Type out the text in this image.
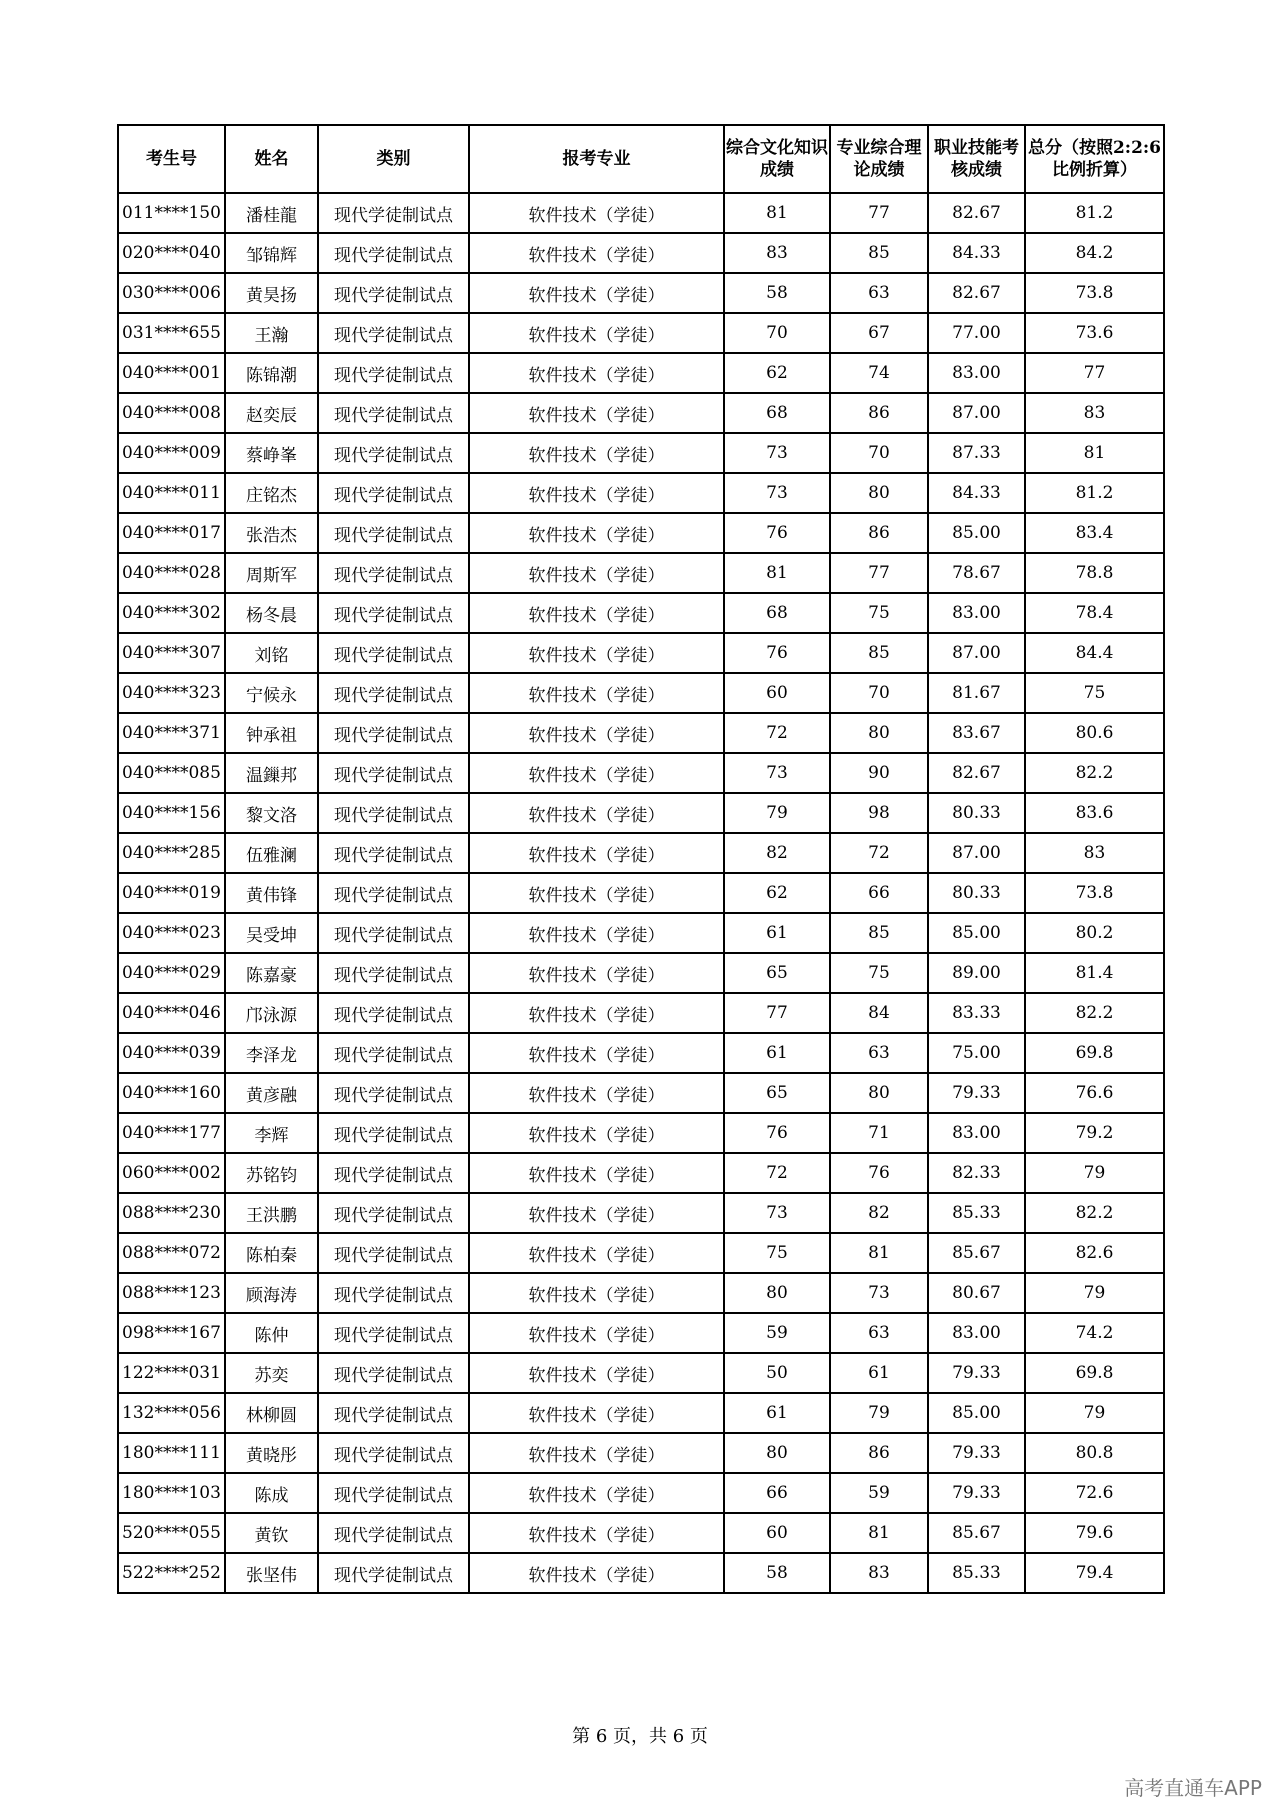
考生号	姓名	类别	报考专业	综合文化知识成绩	专业综合理论成绩	职业技能考核成绩	总分（按照2:2:6比例折算）
011****150	潘桂龍	现代学徒制试点	软件技术（学徒）	81	77	82.67	81.2
020****040	邹锦辉	现代学徒制试点	软件技术（学徒）	83	85	84.33	84.2
030****006	黄昊扬	现代学徒制试点	软件技术（学徒）	58	63	82.67	73.8
031****655	王瀚	现代学徒制试点	软件技术（学徒）	70	67	77.00	73.6
040****001	陈锦潮	现代学徒制试点	软件技术（学徒）	62	74	83.00	77
040****008	赵奕辰	现代学徒制试点	软件技术（学徒）	68	86	87.00	83
040****009	蔡峥峯	现代学徒制试点	软件技术（学徒）	73	70	87.33	81
040****011	庄铭杰	现代学徒制试点	软件技术（学徒）	73	80	84.33	81.2
040****017	张浩杰	现代学徒制试点	软件技术（学徒）	76	86	85.00	83.4
040****028	周斯军	现代学徒制试点	软件技术（学徒）	81	77	78.67	78.8
040****302	杨冬晨	现代学徒制试点	软件技术（学徒）	68	75	83.00	78.4
040****307	刘铭	现代学徒制试点	软件技术（学徒）	76	85	87.00	84.4
040****323	宁候永	现代学徒制试点	软件技术（学徒）	60	70	81.67	75
040****371	钟承祖	现代学徒制试点	软件技术（学徒）	72	80	83.67	80.6
040****085	温鏁邦	现代学徒制试点	软件技术（学徒）	73	90	82.67	82.2
040****156	黎文洛	现代学徒制试点	软件技术（学徒）	79	98	80.33	83.6
040****285	伍雅澜	现代学徒制试点	软件技术（学徒）	82	72	87.00	83
040****019	黄伟锋	现代学徒制试点	软件技术（学徒）	62	66	80.33	73.8
040****023	吴受坤	现代学徒制试点	软件技术（学徒）	61	85	85.00	80.2
040****029	陈嘉豪	现代学徒制试点	软件技术（学徒）	65	75	89.00	81.4
040****046	邝泳源	现代学徒制试点	软件技术（学徒）	77	84	83.33	82.2
040****039	李泽龙	现代学徒制试点	软件技术（学徒）	61	63	75.00	69.8
040****160	黄彦融	现代学徒制试点	软件技术（学徒）	65	80	79.33	76.6
040****177	李辉	现代学徒制试点	软件技术（学徒）	76	71	83.00	79.2
060****002	苏铭钧	现代学徒制试点	软件技术（学徒）	72	76	82.33	79
088****230	王洪鹏	现代学徒制试点	软件技术（学徒）	73	82	85.33	82.2
088****072	陈柏秦	现代学徒制试点	软件技术（学徒）	75	81	85.67	82.6
088****123	顾海涛	现代学徒制试点	软件技术（学徒）	80	73	80.67	79
098****167	陈仲	现代学徒制试点	软件技术（学徒）	59	63	83.00	74.2
122****031	苏奕	现代学徒制试点	软件技术（学徒）	50	61	79.33	69.8
132****056	林柳圆	现代学徒制试点	软件技术（学徒）	61	79	85.00	79
180****111	黄晓彤	现代学徒制试点	软件技术（学徒）	80	86	79.33	80.8
180****103	陈成	现代学徒制试点	软件技术（学徒）	66	59	79.33	72.6
520****055	黄钦	现代学徒制试点	软件技术（学徒）	60	81	85.67	79.6
522****252	张坚伟	现代学徒制试点	软件技术（学徒）	58	83	85.33	79.4
第 6 页，共 6 页
高考直通车APP
